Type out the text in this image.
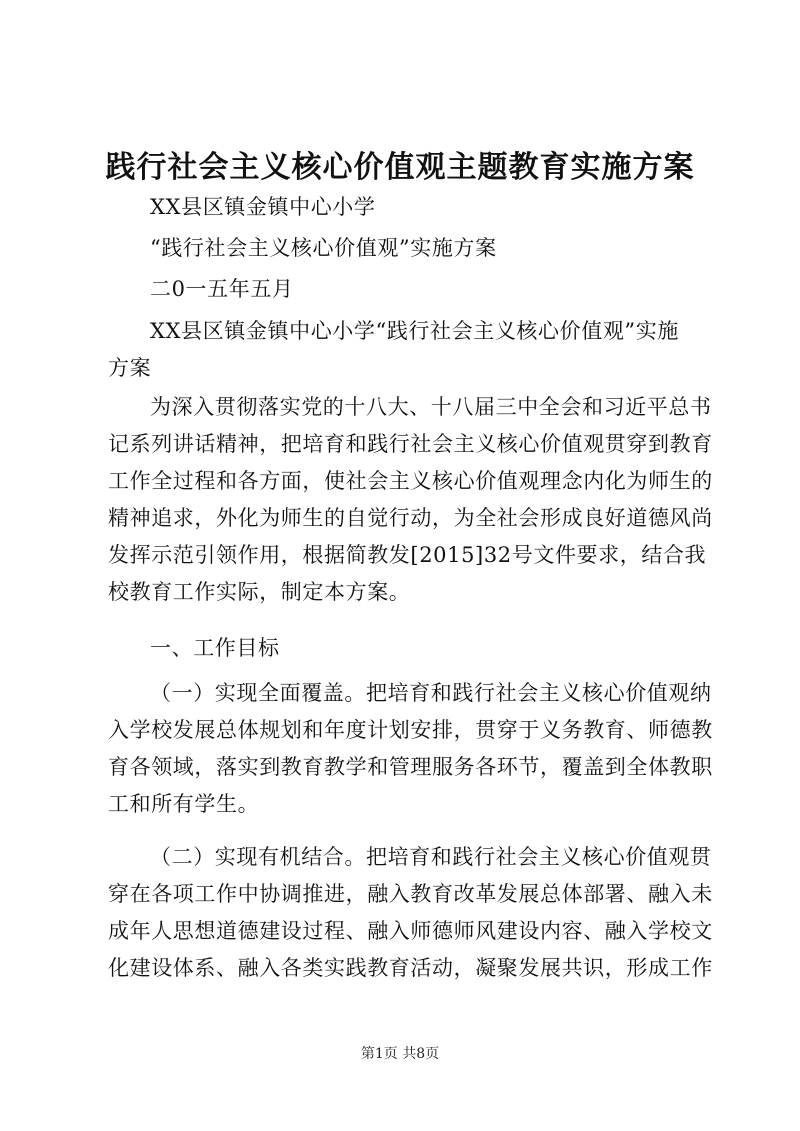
践行社会主义核心价值观主题教育实施方案

XX县区镇金镇中心小学

“践行社会主义核心价值观”实施方案

二0一五年五月

XX县区镇金镇中心小学“践行社会主义核心价值观”实施
方案
为深入贯彻落实党的十八大、十八届三中全会和习近平总书
记系列讲话精神，把培育和践行社会主义核心价值观贯穿到教育
工作全过程和各方面，使社会主义核心价值观理念内化为师生的
精神追求，外化为师生的自觉行动，为全社会形成良好道德风尚
发挥示范引领作用，根据简教发[2015]32号文件要求，结合我
校教育工作实际，制定本方案。
一、工作目标
（一）实现全面覆盖。把培育和践行社会主义核心价值观纳
入学校发展总体规划和年度计划安排，贯穿于义务教育、师德教
育各领域，落实到教育教学和管理服务各环节，覆盖到全体教职
工和所有学生。
（二）实现有机结合。把培育和践行社会主义核心价值观贯
穿在各项工作中协调推进，融入教育改革发展总体部署、融入未
成年人思想道德建设过程、融入师德师风建设内容、融入学校文
化建设体系、融入各类实践教育活动，凝聚发展共识，形成工作
第1页 共8页
